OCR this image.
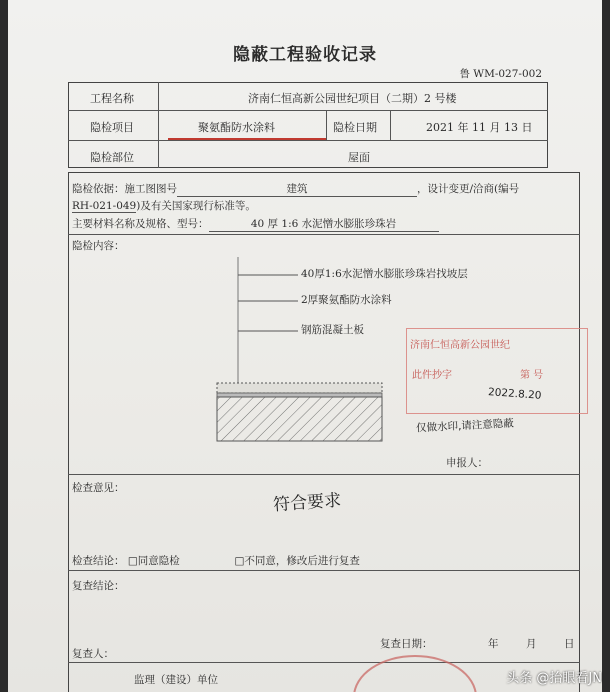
隐蔽工程验收记录
鲁 WM-027-002
工程名称	济南仁恒高新公园世纪项目（二期）2 号楼
隐检项目	聚氨酯防水涂料	隐检日期	2021 年 11 月 13 日
隐检部位	屋面
隐检依据：施工图图号	建筑	，设计变更/洽商(编号
RH-021-049)及有关国家现行标准等。
主要材料名称及规格、型号：	40 厚 1:6 水泥憎水膨胀珍珠岩
隐检内容：
40厚1:6水泥憎水膨胀珍珠岩找坡层
2厚聚氨酯防水涂料
钢筋混凝土板
济南仁恒高新公园世纪
此件抄字	第 号
2022.8.20
仅做水印,请注意隐蔽
申报人：
检查意见：
符合要求
检查结论： □同意隐检	□不同意，修改后进行复查
复查结论：
复查人：
复查日期：	年	月	日
监理（建设）单位	头条 @抬眼看JN
